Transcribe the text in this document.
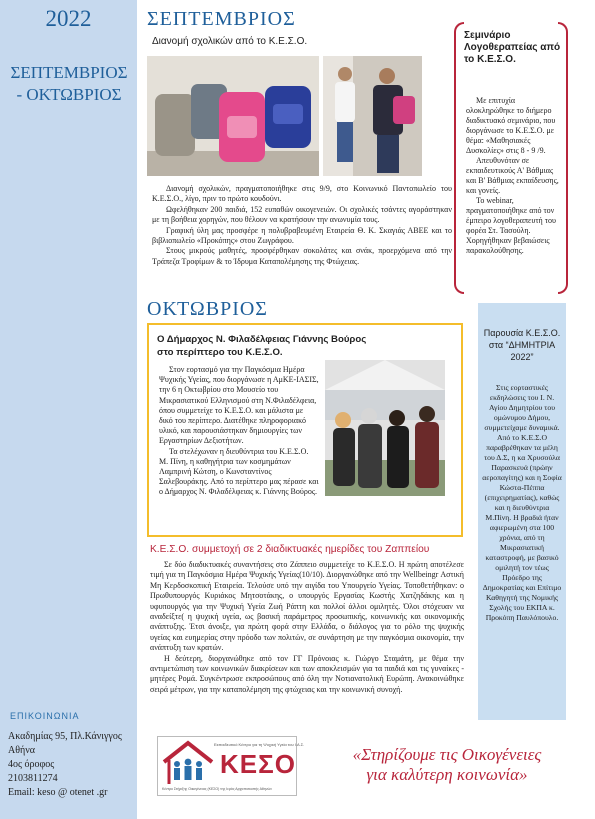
2022
ΣΕΠΤΕΜΒΡΙΟΣ
- ΟΚΤΩΒΡΙΟΣ
ΕΠΙΚΟΙΝΩΝΙΑ
Ακαδημίας 95, Πλ.Κάνιγγος
Αθήνα
4ος όροφος
2103811274
Email: keso @ otenet .gr
ΣΕΠΤΕΜΒΡΙΟΣ
Διανομή σχολικών από το Κ.Ε.Σ.Ο.

Διανομή σχολικών, πραγματοποιήθηκε στις 9/9, στο Κοινωνικό Παντοπωλείο του Κ.Ε.Σ.Ο., λίγο, πριν το πρώτο κουδούνι.

Ωφελήθηκαν 200 παιδιά, 152 ευπαθών οικογενειών. Οι σχολικές τσάντες αγοράστηκαν με τη βοήθεια χορηγών, που θέλουν να κρατήσουν την ανωνυμία τους.

Γραφική ύλη μας προσφέρε η πολυβραβευμένη Εταιρεία Θ. Κ. Σκαγιάς ΑΒΕΕ και το βιβλιοπωλείο «Προκόπης» στου Ζωγράφου.

Στους μικρούς μαθητές, προσφέρθηκαν σοκολάτες και σνάκ, προερχόμενα από την Τράπεζα Τροφίμων & το Ίδρυμα Καταπολέμησης της Φτώχειας.

Σεμινάριο Λογοθεραπείας από το Κ.Ε.Σ.Ο.

Με επιτυχία ολοκληρώθηκε το διήμερο διαδικτυακό σεμινάριο, που διοργάνωσε το Κ.Ε.Σ.Ο. με θέμα: «Μαθησιακές Δυσκολίες» στις 8 - 9 /9.

Απευθυνόταν σε εκπαιδευτικούς Α' Βάθμιας και Β' Βάθμιας εκπαίδευσης, και γονείς.

Το webinar, πραγματοποιήθηκε από τον έμπειρο λογοθεραπευτή του φορέα Στ. Τασούλη. Χορηγήθηκαν βεβαιώσεις παρακολούθησης.

ΟΚΤΩΒΡΙΟΣ
Ο Δήμαρχος Ν. Φιλαδέλφειας Γιάννης Βούρος
στο περίπτερο του Κ.Ε.Σ.Ο.

Στον εορτασμό για την Παγκόσμια Ημέρα Ψυχικής Υγείας, που διοργάνωσε η ΑμΚΕ-ΙΑΣΙΣ, την 6 η Οκτωβρίου στο Μουσείο του Μικρασιατικού Ελληνισμού στη Ν.Φιλαδέλφεια, όπου συμμετείχε το Κ.Ε.Σ.Ο. και μάλιστα με δικό του περίπτερο. Διατέθηκε πληροφοριακό υλικό, και παρουσιάστηκαν δημιουργίες των Εργαστηρίων Δεξιοτήτων.

Τα στελέχωναν η διευθύντρια του Κ.Ε.Σ.Ο. Μ. Πίνη, η καθηγήτρια των κοσμημάτων Λαμπρινή Κώτση, ο Κωνσταντίνος Σαλεβουράκης. Από το περίπτερο μας πέρασε και ο Δήμαρχος Ν. Φιλαδέλφειας κ. Γιάννης Βούρος.

Κ.Ε.Σ.Ο. συμμετοχή σε 2 διαδικτυακές ημερίδες του Ζαππείου

Σε δύο διαδικτυακές συναντήσεις στο Ζάππειο συμμετείχε το Κ.Ε.Σ.Ο. Η πρώτη αποτέλεσε τιμή για τη Παγκόσμια Ημέρα Ψυχικής Υγείας(10/10). Διοργανώθηκε από την Wellbeingr Αστική Μη Κερδοσκοπική Εταιρεία. Τελούσε υπό την αιγίδα του Υπουργείο Υγείας. Τοποθετήθηκαν: ο Πρωθυπουργός Κυριάκος Μητσοτάκης, ο υπουργός Εργασίας Κωστής Χατζηδάκης και η υφυπουργός για την Ψυχική Υγεία Ζωή Ράπτη και πολλοί άλλοι ομιλητές. Όλοι στόχευαν να αναδείξτε( η ψυχική υγεία, ως βασική παράμετρος προσωπικής, κοινωνικής και οικονομικής ανάπτυξης. Έτσι άνοιξε, για πρώτη φορά στην Ελλάδα, ο διάλογος για το ρόλο της ψυχικής υγείας και ευημερίας στην πρόοδο των πολιτών, σε συνάρτηση με την παγκόσμια οικονομία, την ανάπτυξη των κρατών.

Η δεύτερη, διοργανώθηκε από τον ΓΓ Πρόνοιας κ. Γιώργο Σταμάτη, με θέμα την αντιμετώπιση των κοινωνικών διακρίσεων και των αποκλεισμών για τα παιδιά και τις γυναίκες - μητέρες Ρομά. Συγκέντρωσε εκπροσώπους από όλη την Νοτιανατολική Ευρώπη. Ανακοινώθηκε σειρά μέτρων, για την καταπολέμηση της φτώχειας και την κοινωνική συνοχή.

Παρουσία Κ.Ε.Σ.Ο. στα “ΔΗΜΗΤΡΙΑ 2022”
Στις εορταστικές εκδηλώσεις του Ι. Ν. Αγίου Δημητρίου του ομώνυμου Δήμου, συμμετείχαμε δυναμικά. Από το Κ.Ε.Σ.Ο παραβρέθηκαν τα μέλη του Δ.Σ, η κα Χρυσούλα Παρασκευά (πρώην αεροπαγίτης) και η Σοφία Κώστα-Πέππα (επιχειρηματίας), καθώς και η διευθύντρια Μ.Πίνη. Η βραδιά ήταν αφιερωμένη στα 100 χρόνια, από τη Μικρασιατική καταστροφή, με βασικό ομιλητή τον τέως Πρόεδρο της Δημοκρατίας και Επίτιμο Καθηγητή της Νομικής Σχολής του ΕΚΠΑ κ. Προκόπη Παυλόπουλο.
Εκπαιδευτικό Κέντρο για τη Ψυχική Υγεία του Ι.Α.Σ.
ΚΕΣΟ
Κέντρο Στήριξης Οικογένειας (ΚΕΣΟ) της Ιεράς Αρχιεπισκοπής Αθηνών
«Στηρίζουμε τις Οικογένειες
για καλύτερη κοινωνία»
